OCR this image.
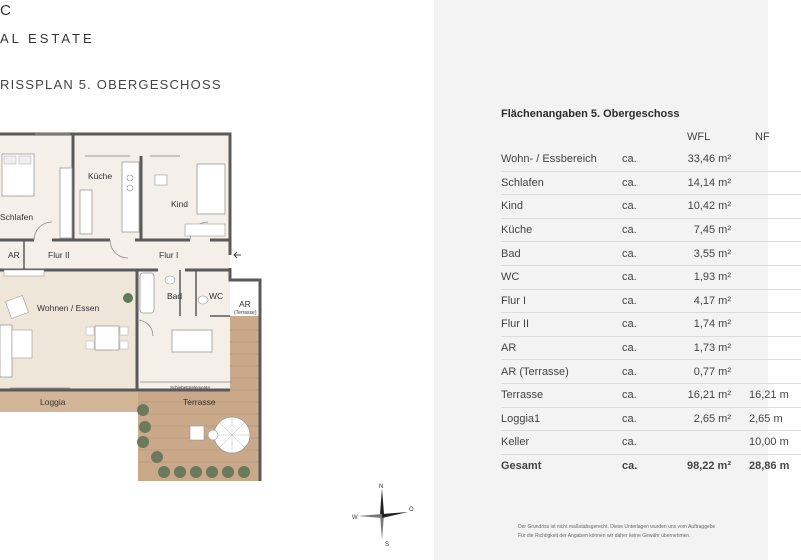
C
AL ESTATE
RISSPLAN 5. OBERGESCHOSS
Schlafen
Küche
Kind
AR	Flur II	Flur I
Bad	WC
AR
(Terrasse)
Wohnen / Essen
Loggia	Terrasse
Schiebetürelemente
N
S
W
O
Flächenangaben 5. Obergeschoss
WFL	NF
Wohn- / Essbereich	ca.	33,46 m²	
Schlafen	ca.	14,14 m²	
Kind	ca.	10,42 m²	
Küche	ca.	7,45 m²	
Bad	ca.	3,55 m²	
WC	ca.	1,93 m²	
Flur I	ca.	4,17 m²	
Flur II	ca.	1,74 m²	
AR	ca.	1,73 m²	
AR (Terrasse)	ca.	0,77 m²	
Terrasse	ca.	16,21 m²	16,21 m
Loggia1	ca.	2,65 m²	2,65 m
Keller	ca.		10,00 m
Gesamt	ca.	98,22 m²	28,86 m
Der Grundriss ist nicht maßstabsgerecht. Diese Unterlagen wurden uns vom Auftraggebe
Für die Richtigkeit der Angaben können wir daher keine Gewähr übernehmen.
